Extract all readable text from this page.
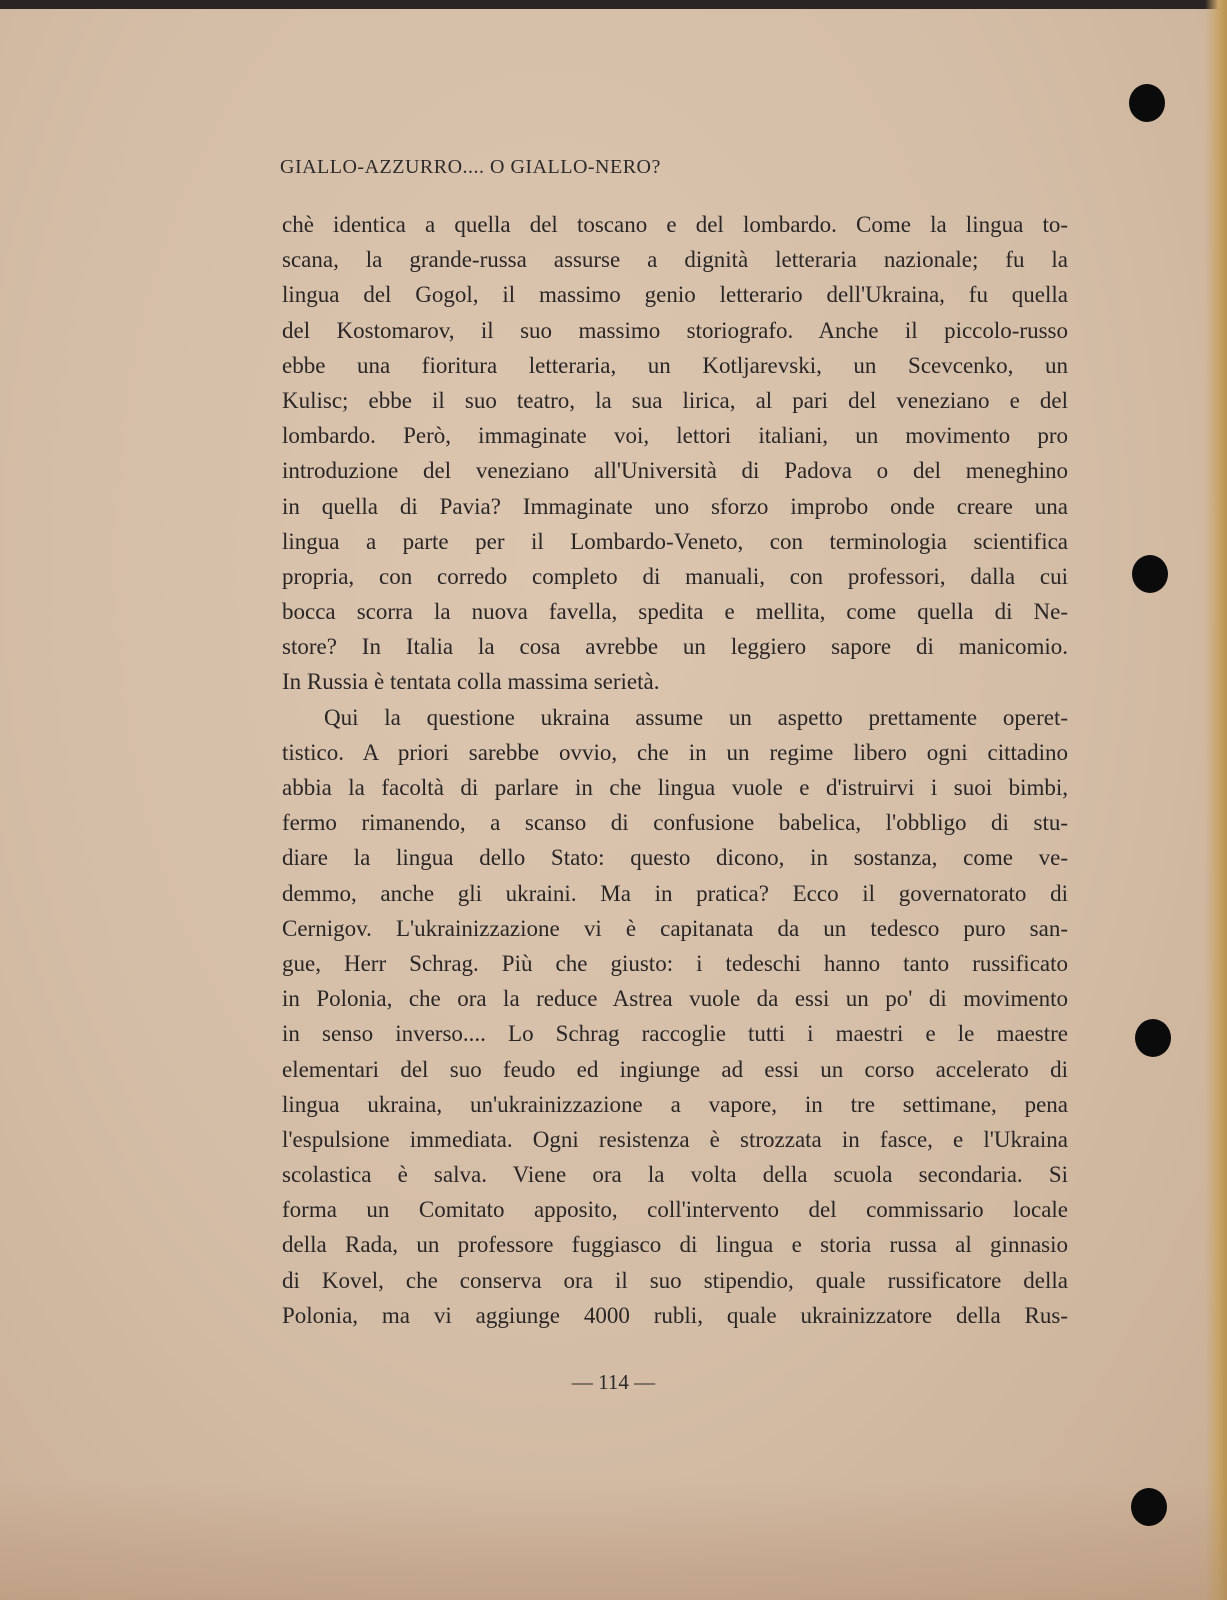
GIALLO-AZZURRO.... O GIALLO-NERO?
chè identica a quella del toscano e del lombardo. Come la lingua to-
scana, la grande-russa assurse a dignità letteraria nazionale; fu la
lingua del Gogol, il massimo genio letterario dell'Ukraina, fu quella
del Kostomarov, il suo massimo storiografo. Anche il piccolo-russo
ebbe una fioritura letteraria, un Kotljarevski, un Scevcenko, un
Kulisc; ebbe il suo teatro, la sua lirica, al pari del veneziano e del
lombardo. Però, immaginate voi, lettori italiani, un movimento pro
introduzione del veneziano all'Università di Padova o del meneghino
in quella di Pavia? Immaginate uno sforzo improbo onde creare una
lingua a parte per il Lombardo-Veneto, con terminologia scientifica
propria, con corredo completo di manuali, con professori, dalla cui
bocca scorra la nuova favella, spedita e mellita, come quella di Ne-
store? In Italia la cosa avrebbe un leggiero sapore di manicomio.
In Russia è tentata colla massima serietà.
Qui la questione ukraina assume un aspetto prettamente operet-
tistico. A priori sarebbe ovvio, che in un regime libero ogni cittadino
abbia la facoltà di parlare in che lingua vuole e d'istruirvi i suoi bimbi,
fermo rimanendo, a scanso di confusione babelica, l'obbligo di stu-
diare la lingua dello Stato: questo dicono, in sostanza, come ve-
demmo, anche gli ukraini. Ma in pratica? Ecco il governatorato di
Cernigov. L'ukrainizzazione vi è capitanata da un tedesco puro san-
gue, Herr Schrag. Più che giusto: i tedeschi hanno tanto russificato
in Polonia, che ora la reduce Astrea vuole da essi un po' di movimento
in senso inverso.... Lo Schrag raccoglie tutti i maestri e le maestre
elementari del suo feudo ed ingiunge ad essi un corso accelerato di
lingua ukraina, un'ukrainizzazione a vapore, in tre settimane, pena
l'espulsione immediata. Ogni resistenza è strozzata in fasce, e l'Ukraina
scolastica è salva. Viene ora la volta della scuola secondaria. Si
forma un Comitato apposito, coll'intervento del commissario locale
della Rada, un professore fuggiasco di lingua e storia russa al ginnasio
di Kovel, che conserva ora il suo stipendio, quale russificatore della
Polonia, ma vi aggiunge 4000 rubli, quale ukrainizzatore della Rus-
— 114 —
